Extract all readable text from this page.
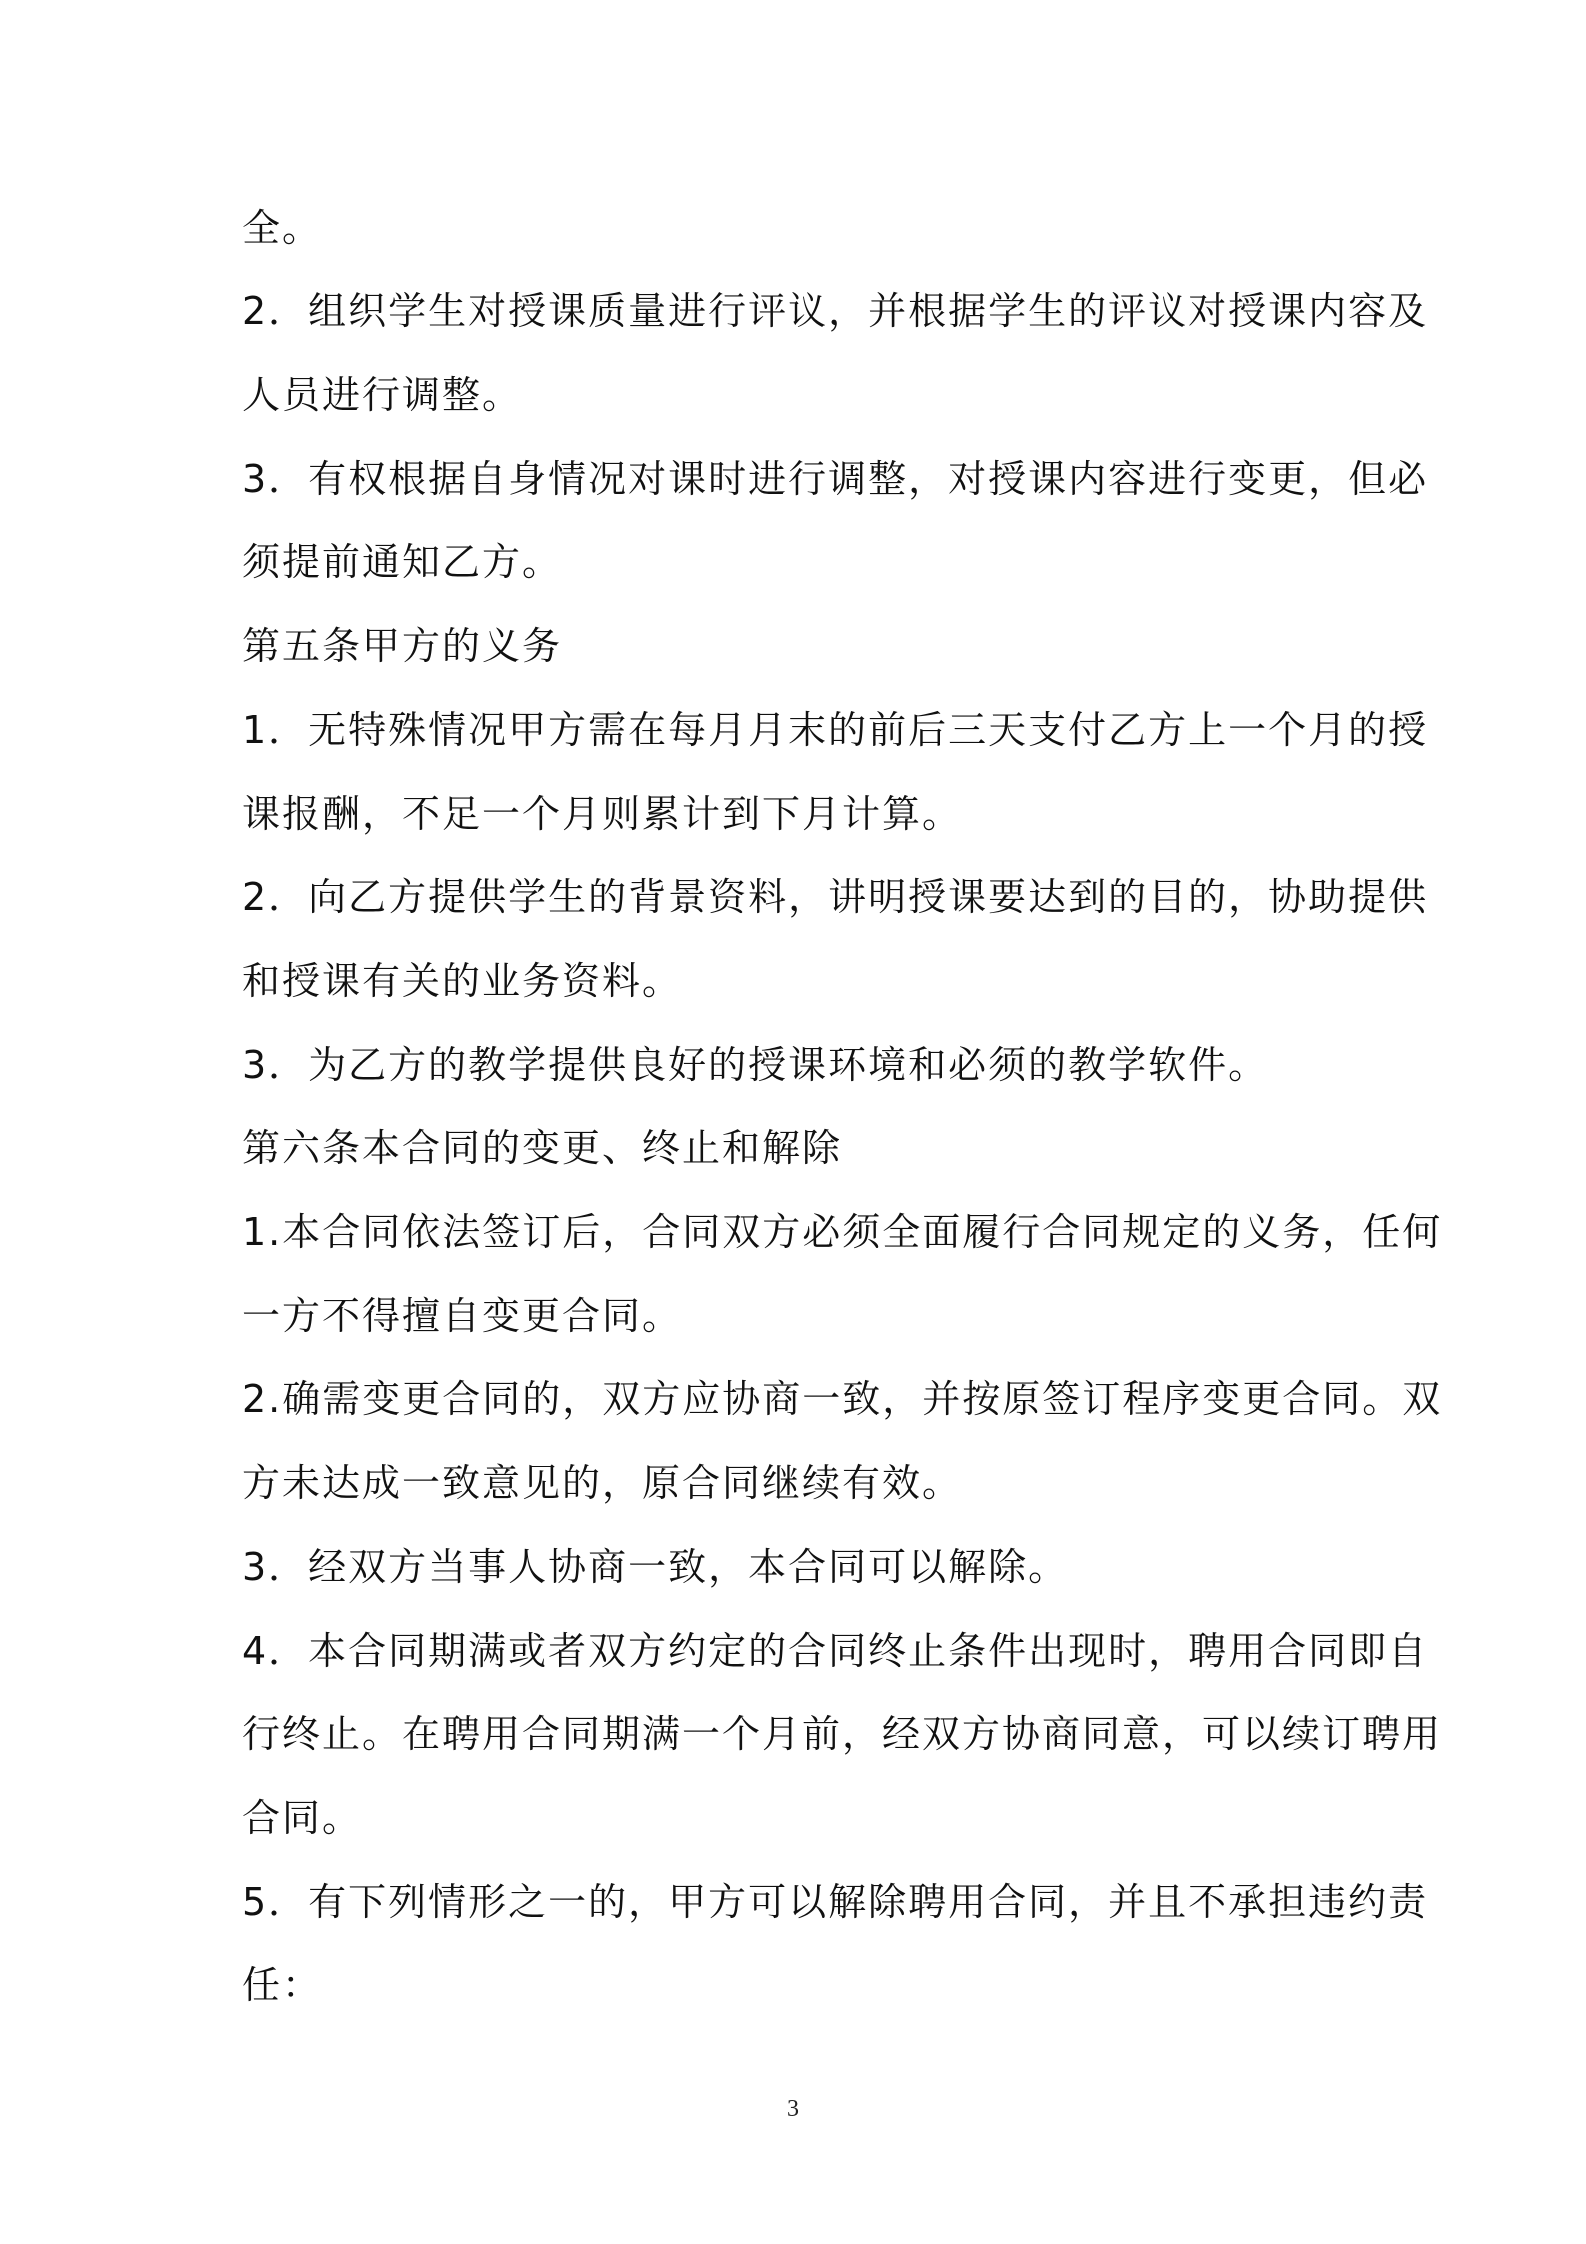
全。
2．组织学生对授课质量进行评议，并根据学生的评议对授课内容及
人员进行调整。
3．有权根据自身情况对课时进行调整，对授课内容进行变更，但必
须提前通知乙方。
第五条甲方的义务
1．无特殊情况甲方需在每月月末的前后三天支付乙方上一个月的授
课报酬，不足一个月则累计到下月计算。
2．向乙方提供学生的背景资料，讲明授课要达到的目的，协助提供
和授课有关的业务资料。
3．为乙方的教学提供良好的授课环境和必须的教学软件。
第六条本合同的变更、终止和解除
1.本合同依法签订后，合同双方必须全面履行合同规定的义务，任何
一方不得擅自变更合同。
2.确需变更合同的，双方应协商一致，并按原签订程序变更合同。双
方未达成一致意见的，原合同继续有效。
3．经双方当事人协商一致，本合同可以解除。
4．本合同期满或者双方约定的合同终止条件出现时，聘用合同即自
行终止。在聘用合同期满一个月前，经双方协商同意，可以续订聘用
合同。
5．有下列情形之一的，甲方可以解除聘用合同，并且不承担违约责
任：
3
